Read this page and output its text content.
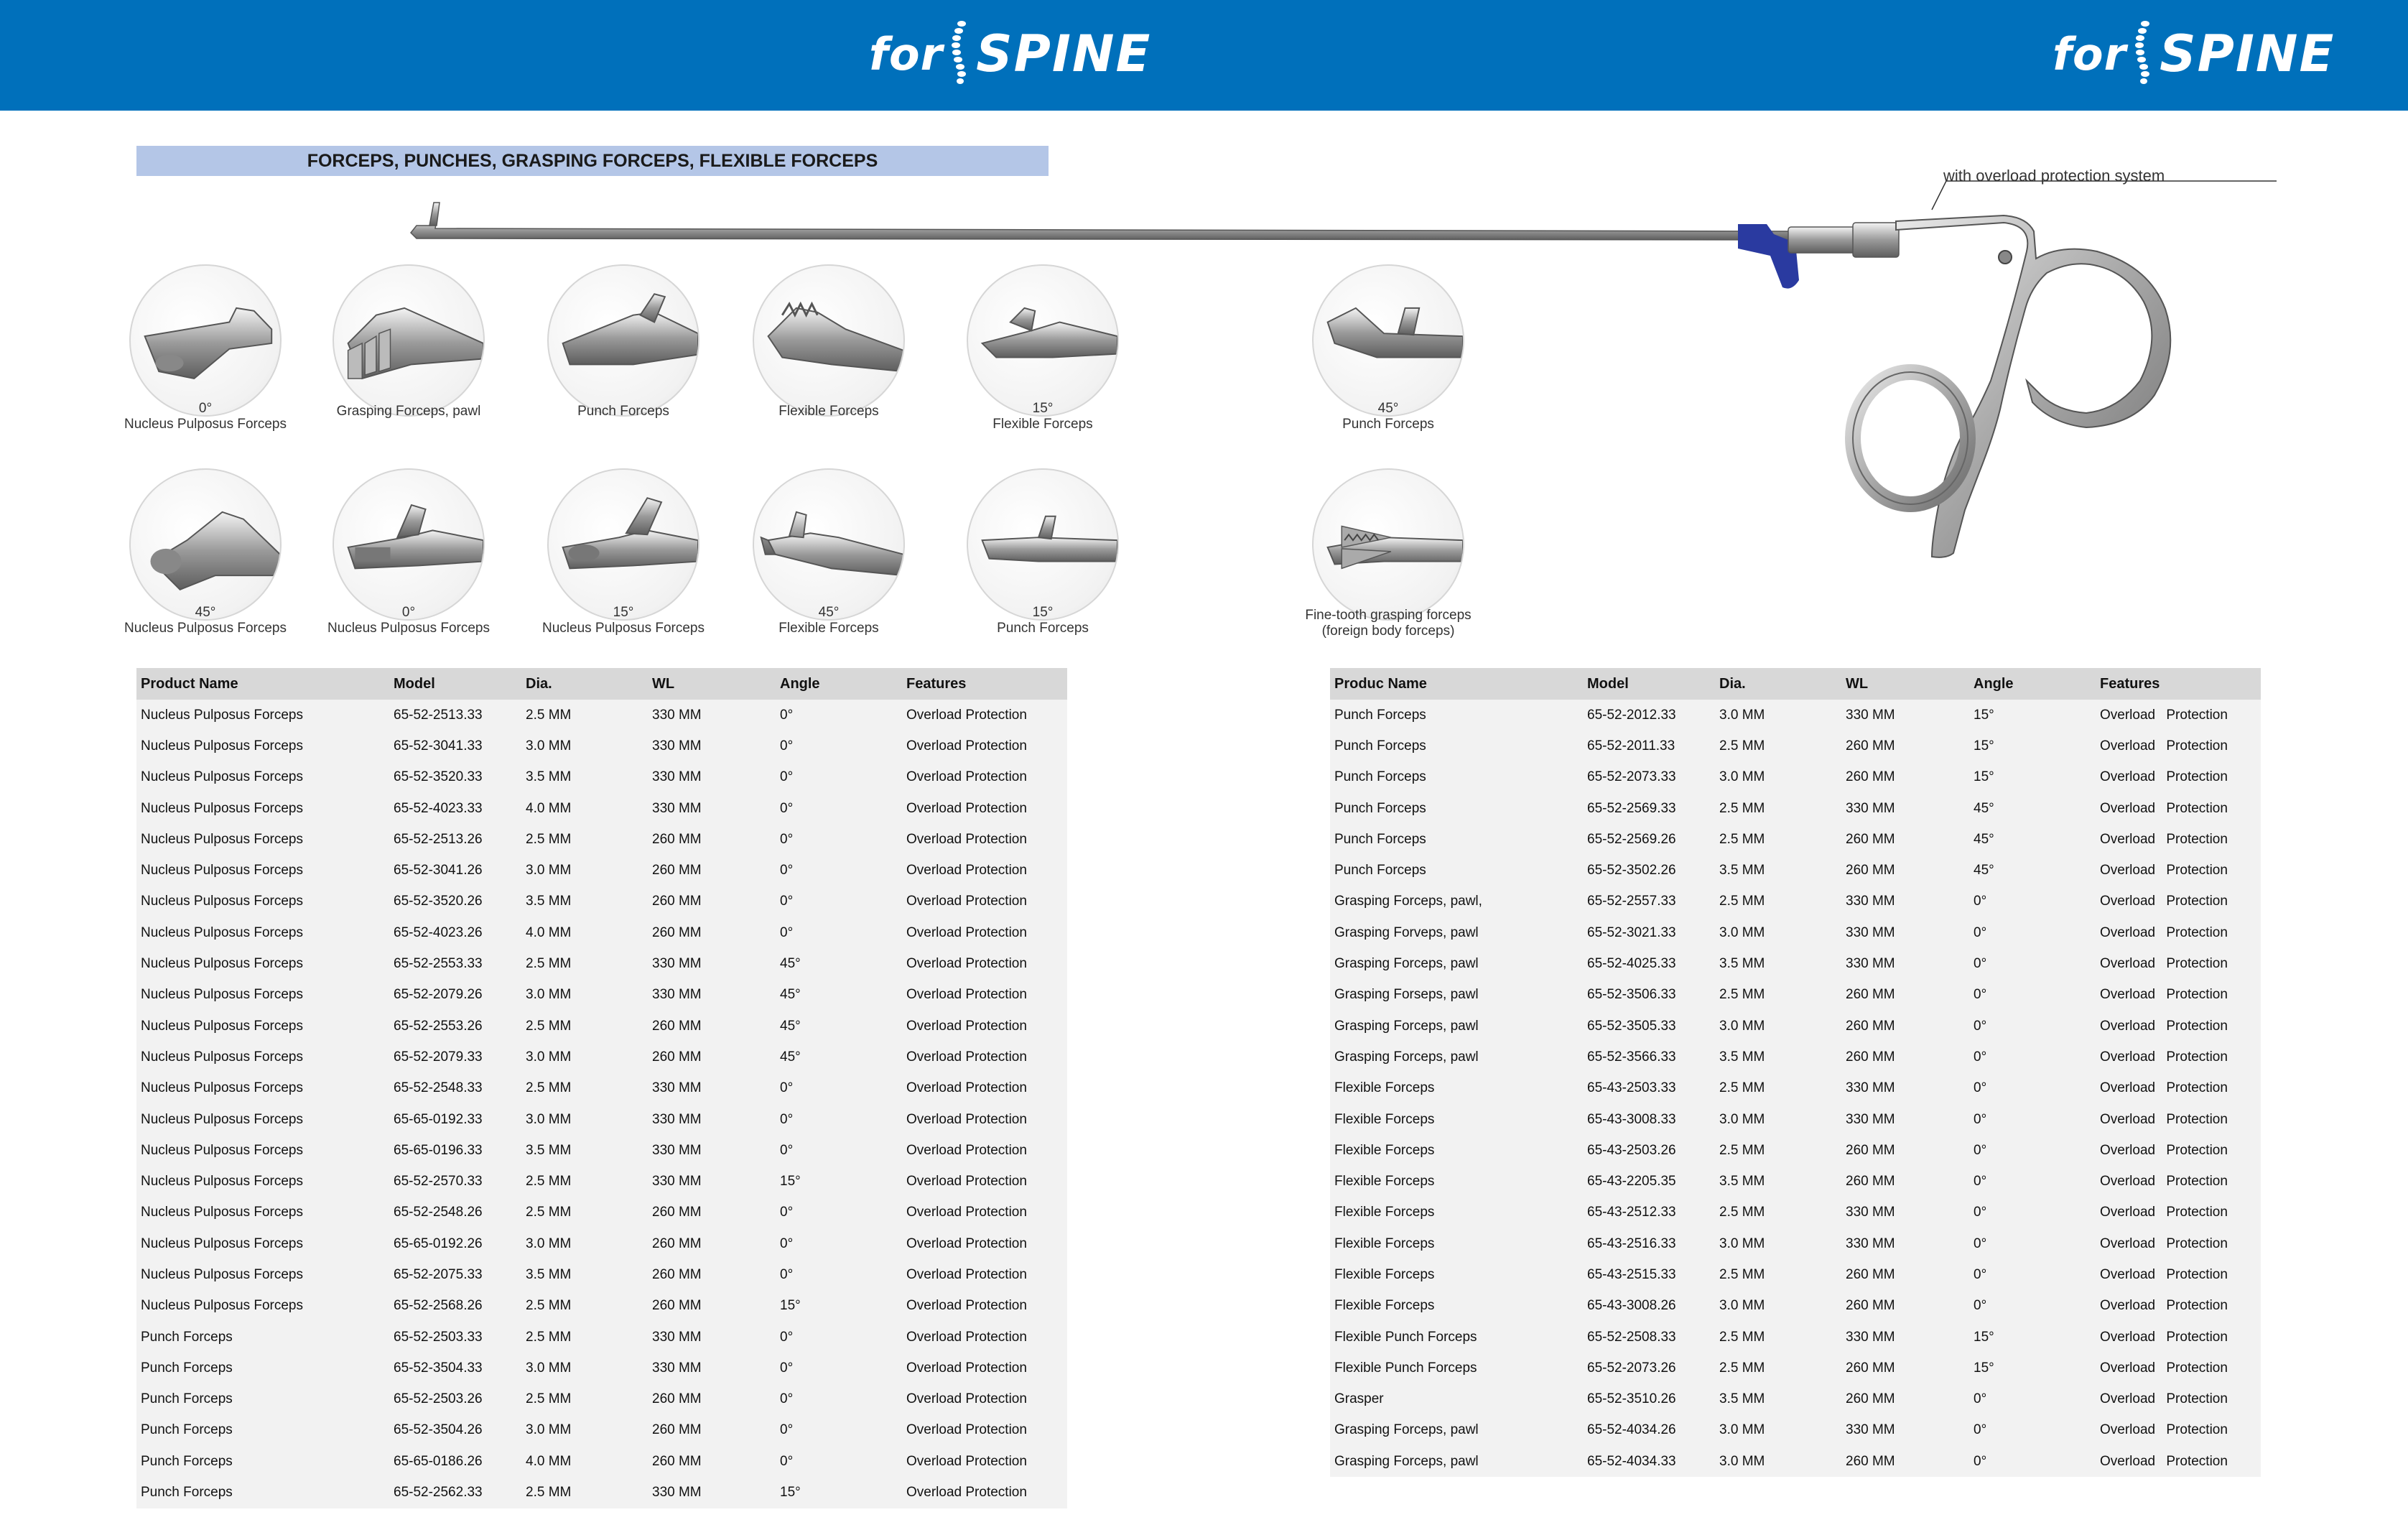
for SPINE	for SPINE
FORCEPS, PUNCHES, GRASPING FORCEPS, FLEXIBLE FORCEPS
with overload protection system
0°
Nucleus Pulposus Forceps
Grasping Forceps, pawl	Punch Forceps	Flexible Forceps	15°
Flexible Forceps
45°
Punch Forceps
45°
Nucleus Pulposus Forceps
0°
Nucleus Pulposus Forceps
15°
Nucleus Pulposus Forceps
45°
Flexible Forceps
15°
Punch Forceps
Fine-tooth grasping forceps
(foreign body forceps)
Product Name	Model	Dia.	WL	Angle	Features
Nucleus Pulposus Forceps	65-52-2513.33	2.5 MM	330 MM	0°	Overload Protection
Nucleus Pulposus Forceps	65-52-3041.33	3.0 MM	330 MM	0°	Overload Protection
Nucleus Pulposus Forceps	65-52-3520.33	3.5 MM	330 MM	0°	Overload Protection
Nucleus Pulposus Forceps	65-52-4023.33	4.0 MM	330 MM	0°	Overload Protection
Nucleus Pulposus Forceps	65-52-2513.26	2.5 MM	260 MM	0°	Overload Protection
Nucleus Pulposus Forceps	65-52-3041.26	3.0 MM	260 MM	0°	Overload Protection
Nucleus Pulposus Forceps	65-52-3520.26	3.5 MM	260 MM	0°	Overload Protection
Nucleus Pulposus Forceps	65-52-4023.26	4.0 MM	260 MM	0°	Overload Protection
Nucleus Pulposus Forceps	65-52-2553.33	2.5 MM	330 MM	45°	Overload Protection
Nucleus Pulposus Forceps	65-52-2079.26	3.0 MM	330 MM	45°	Overload Protection
Nucleus Pulposus Forceps	65-52-2553.26	2.5 MM	260 MM	45°	Overload Protection
Nucleus Pulposus Forceps	65-52-2079.33	3.0 MM	260 MM	45°	Overload Protection
Nucleus Pulposus Forceps	65-52-2548.33	2.5 MM	330 MM	0°	Overload Protection
Nucleus Pulposus Forceps	65-65-0192.33	3.0 MM	330 MM	0°	Overload Protection
Nucleus Pulposus Forceps	65-65-0196.33	3.5 MM	330 MM	0°	Overload Protection
Nucleus Pulposus Forceps	65-52-2570.33	2.5 MM	330 MM	15°	Overload Protection
Nucleus Pulposus Forceps	65-52-2548.26	2.5 MM	260 MM	0°	Overload Protection
Nucleus Pulposus Forceps	65-65-0192.26	3.0 MM	260 MM	0°	Overload Protection
Nucleus Pulposus Forceps	65-52-2075.33	3.5 MM	260 MM	0°	Overload Protection
Nucleus Pulposus Forceps	65-52-2568.26	2.5 MM	260 MM	15°	Overload Protection
Punch Forceps	65-52-2503.33	2.5 MM	330 MM	0°	Overload Protection
Punch Forceps	65-52-3504.33	3.0 MM	330 MM	0°	Overload Protection
Punch Forceps	65-52-2503.26	2.5 MM	260 MM	0°	Overload Protection
Punch Forceps	65-52-3504.26	3.0 MM	260 MM	0°	Overload Protection
Punch Forceps	65-65-0186.26	4.0 MM	260 MM	0°	Overload Protection
Punch Forceps	65-52-2562.33	2.5 MM	330 MM	15°	Overload Protection
Produc Name	Model	Dia.	WL	Angle	Features
Punch Forceps	65-52-2012.33	3.0 MM	330 MM	15°	Overload Protection
Punch Forceps	65-52-2011.33	2.5 MM	260 MM	15°	Overload Protection
Punch Forceps	65-52-2073.33	3.0 MM	260 MM	15°	Overload Protection
Punch Forceps	65-52-2569.33	2.5 MM	330 MM	45°	Overload Protection
Punch Forceps	65-52-2569.26	2.5 MM	260 MM	45°	Overload Protection
Punch Forceps	65-52-3502.26	3.5 MM	260 MM	45°	Overload Protection
Grasping Forceps, pawl,	65-52-2557.33	2.5 MM	330 MM	0°	Overload Protection
Grasping Forveps, pawl	65-52-3021.33	3.0 MM	330 MM	0°	Overload Protection
Grasping Forceps, pawl	65-52-4025.33	3.5 MM	330 MM	0°	Overload Protection
Grasping Forseps, pawl	65-52-3506.33	2.5 MM	260 MM	0°	Overload Protection
Grasping Forceps, pawl	65-52-3505.33	3.0 MM	260 MM	0°	Overload Protection
Grasping Forceps, pawl	65-52-3566.33	3.5 MM	260 MM	0°	Overload Protection
Flexible Forceps	65-43-2503.33	2.5 MM	330 MM	0°	Overload Protection
Flexible Forceps	65-43-3008.33	3.0 MM	330 MM	0°	Overload Protection
Flexible Forceps	65-43-2503.26	2.5 MM	260 MM	0°	Overload Protection
Flexible Forceps	65-43-2205.35	3.5 MM	260 MM	0°	Overload Protection
Flexible Forceps	65-43-2512.33	2.5 MM	330 MM	0°	Overload Protection
Flexible Forceps	65-43-2516.33	3.0 MM	330 MM	0°	Overload Protection
Flexible Forceps	65-43-2515.33	2.5 MM	260 MM	0°	Overload Protection
Flexible Forceps	65-43-3008.26	3.0 MM	260 MM	0°	Overload Protection
Flexible Punch Forceps	65-52-2508.33	2.5 MM	330 MM	15°	Overload Protection
Flexible Punch Forceps	65-52-2073.26	2.5 MM	260 MM	15°	Overload Protection
Grasper	65-52-3510.26	3.5 MM	260 MM	0°	Overload Protection
Grasping Forceps, pawl	65-52-4034.26	3.0 MM	330 MM	0°	Overload Protection
Grasping Forceps, pawl	65-52-4034.33	3.0 MM	260 MM	0°	Overload Protection
